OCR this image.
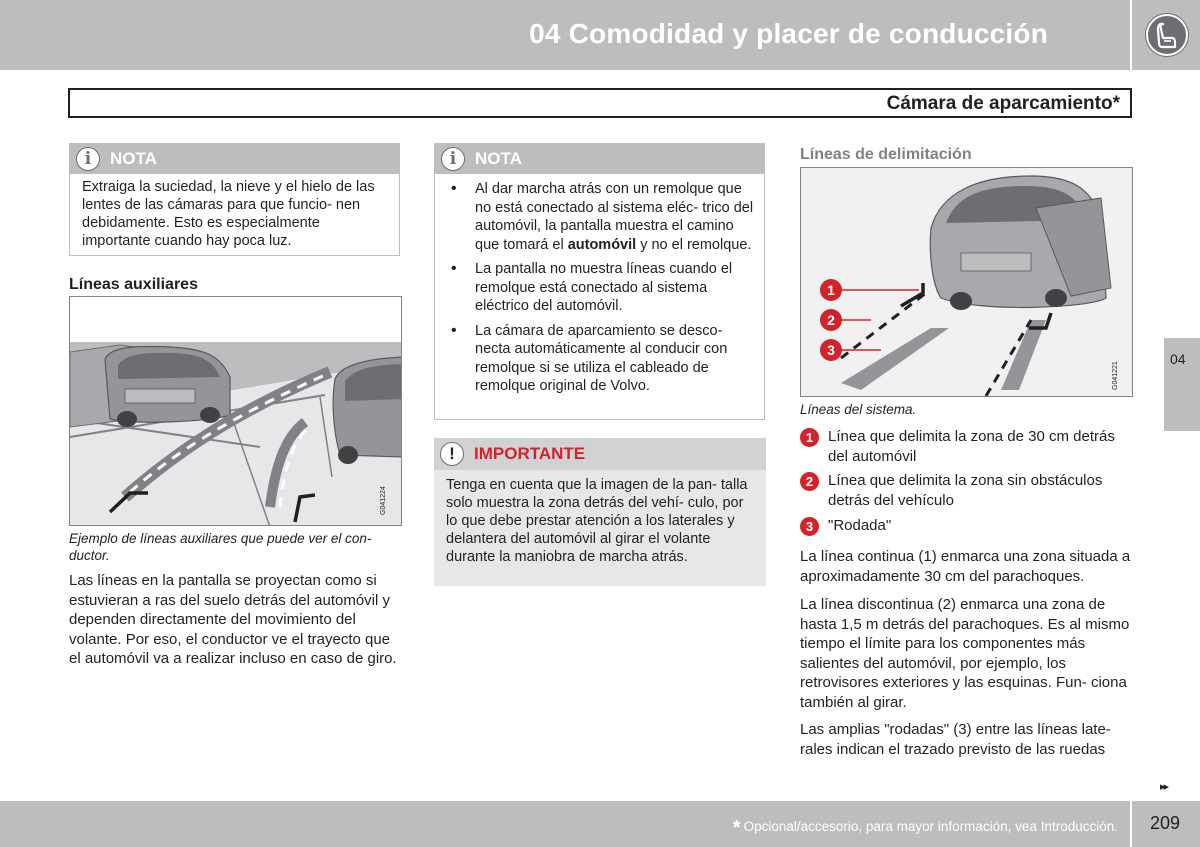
04 Comodidad y placer de conducción
Cámara de aparcamiento*
i
NOTA
Extraiga la suciedad, la nieve y el hielo de las lentes de las cámaras para que funcio- nen debidamente. Esto es especialmente importante cuando hay poca luz.
Líneas auxiliares
G041224
Ejemplo de líneas auxiliares que puede ver el con- ductor.
Las líneas en la pantalla se proyectan como si estuvieran a ras del suelo detrás del automóvil y dependen directamente del movimiento del volante. Por eso, el conductor ve el trayecto que el automóvil va a realizar incluso en caso de giro.
i
NOTA
• Al dar marcha atrás con un remolque que no está conectado al sistema eléc- trico del automóvil, la pantalla muestra el camino que tomará el automóvil y no el remolque.
• La pantalla no muestra líneas cuando el remolque está conectado al sistema eléctrico del automóvil.
• La cámara de aparcamiento se desco- necta automáticamente al conducir con remolque si se utiliza el cableado de remolque original de Volvo.
!
IMPORTANTE
Tenga en cuenta que la imagen de la pan- talla solo muestra la zona detrás del vehí- culo, por lo que debe prestar atención a los laterales y delantera del automóvil al girar el volante durante la maniobra de marcha atrás.
Líneas de delimitación
1
2
3
G041221
Líneas del sistema.
1 Línea que delimita la zona de 30 cm detrás del automóvil
2 Línea que delimita la zona sin obstáculos detrás del vehículo
3 "Rodada"
La línea continua (1) enmarca una zona situada a aproximadamente 30 cm del parachoques.
La línea discontinua (2) enmarca una zona de hasta 1,5 m detrás del parachoques. Es al mismo tiempo el límite para los componentes más salientes del automóvil, por ejemplo, los retrovisores exteriores y las esquinas. Fun- ciona también al girar.
Las amplias "rodadas" (3) entre las líneas late- rales indican el trazado previsto de las ruedas
04
▸▸
* Opcional/accesorio, para mayor información, vea Introducción. 209
